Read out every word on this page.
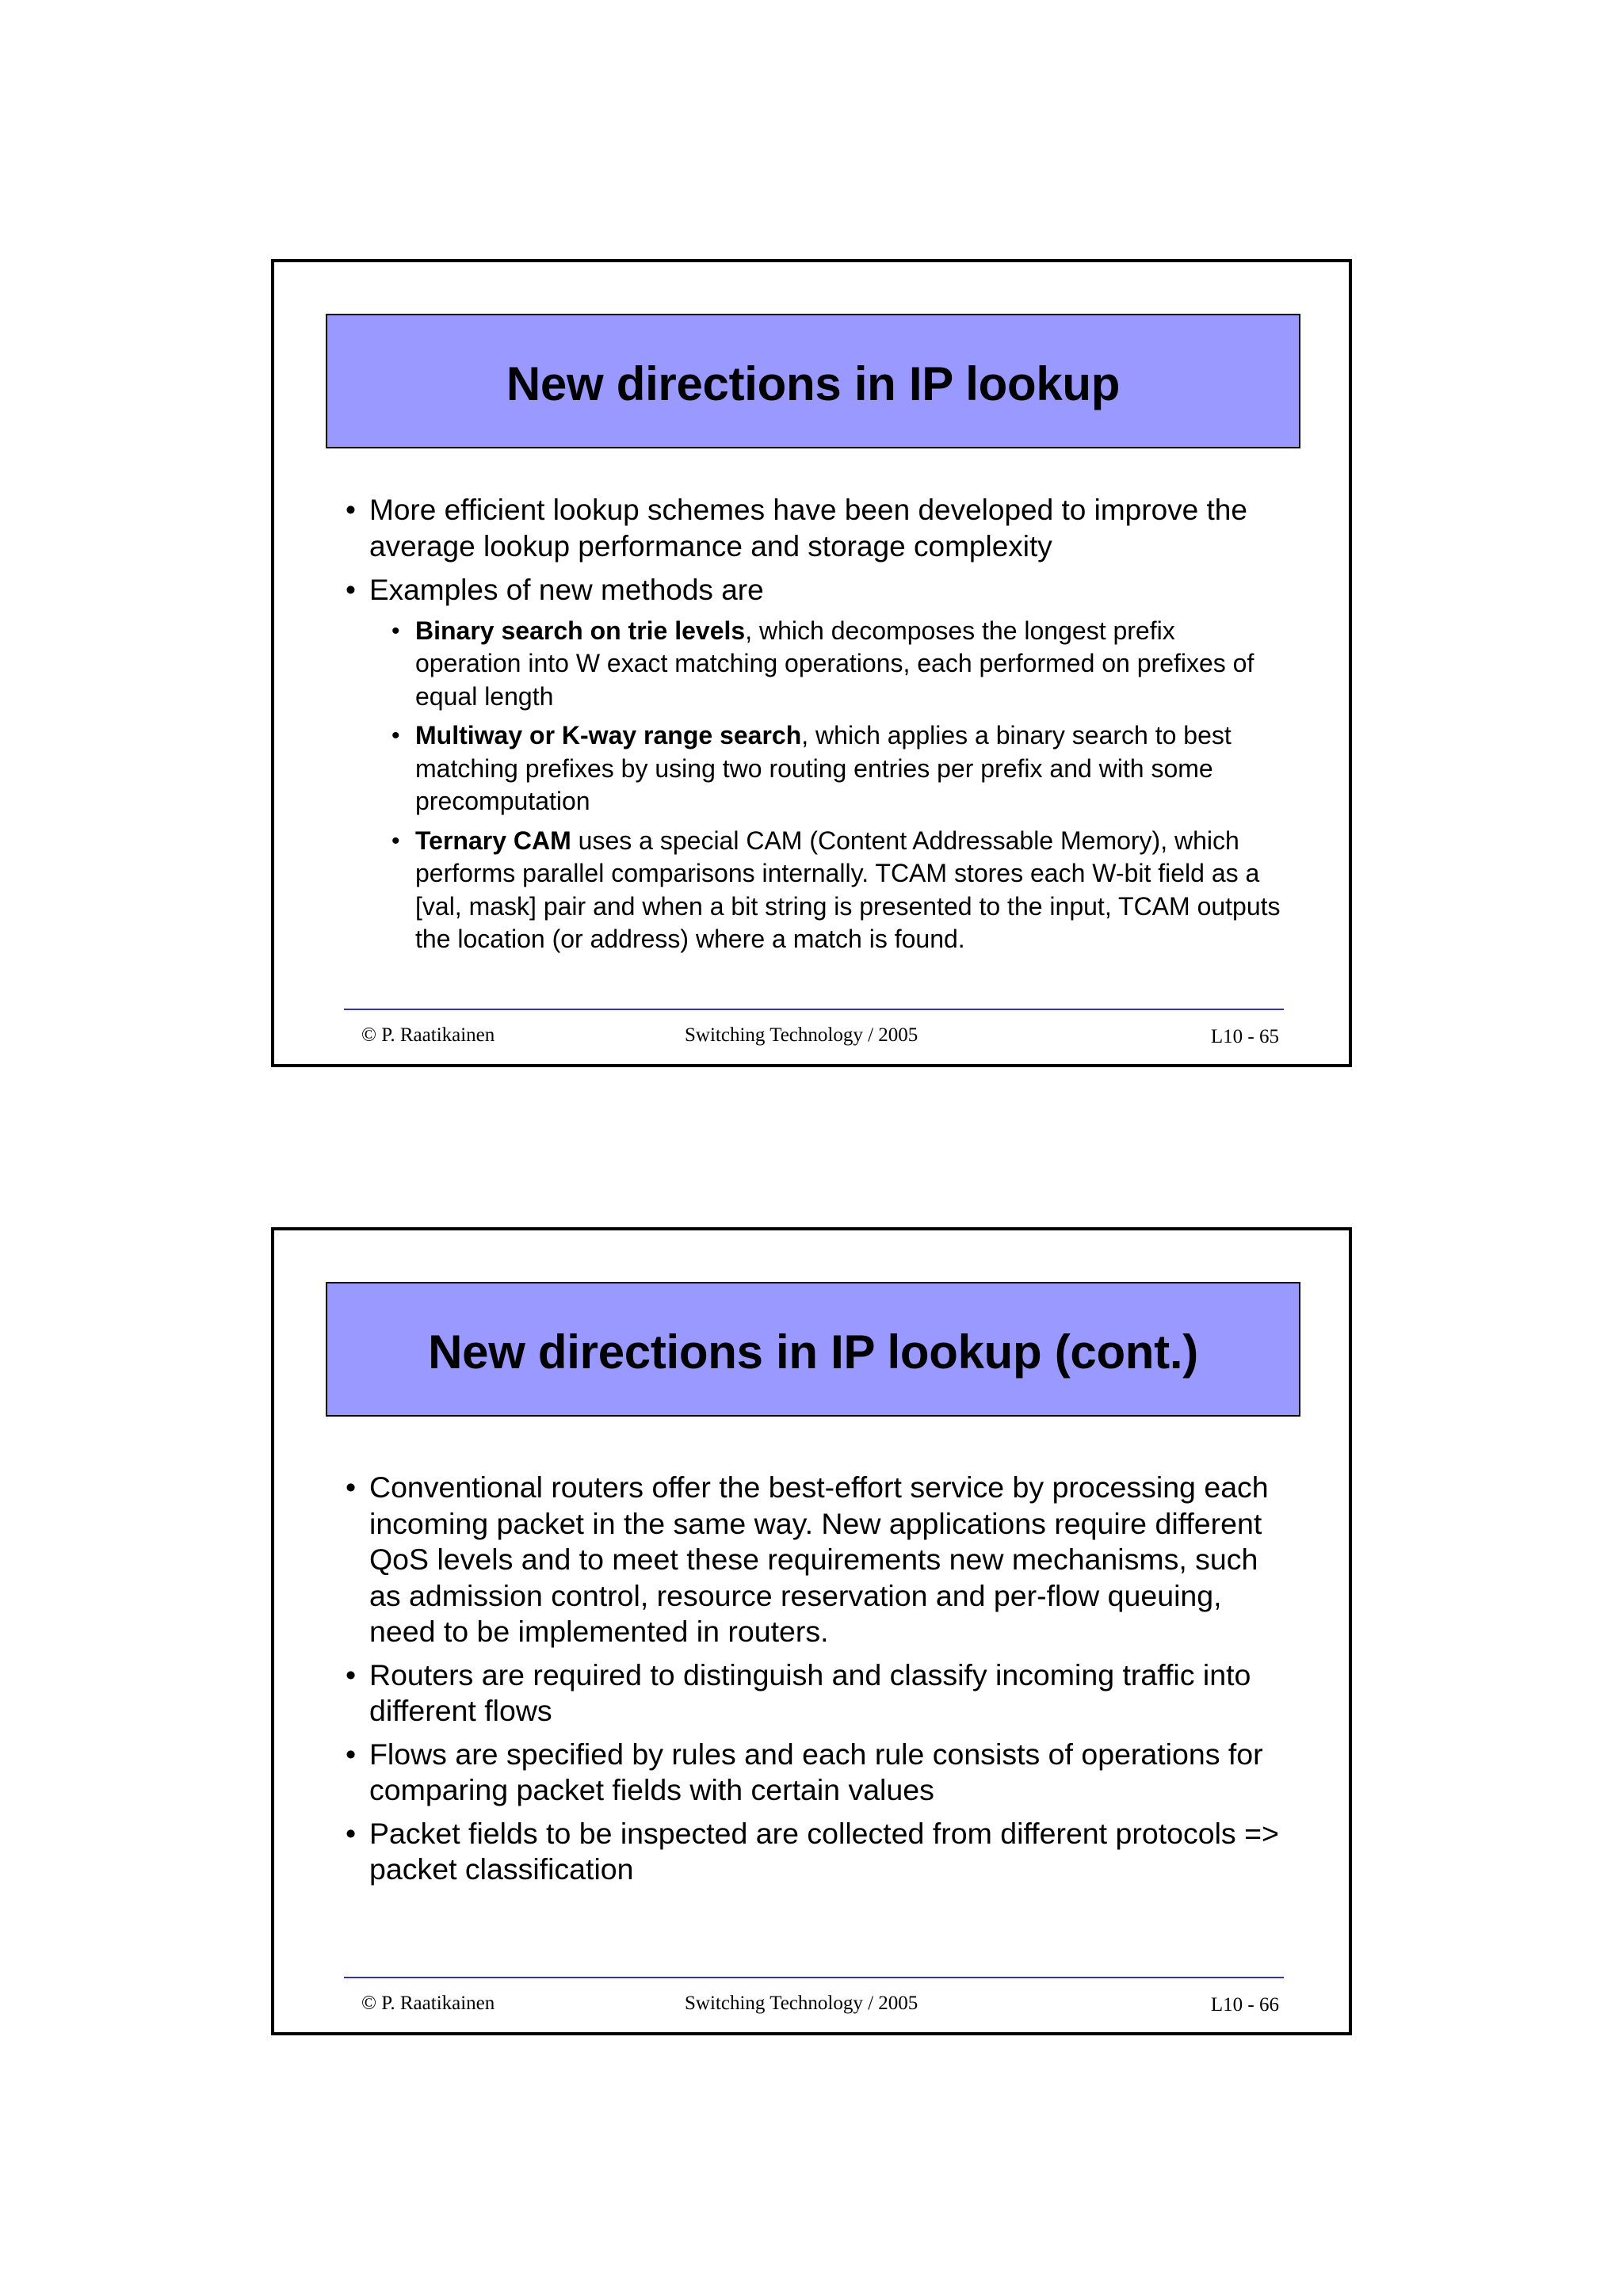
New directions in IP lookup
• More efficient lookup schemes have been developed to improve the average lookup performance and storage complexity
• Examples of new methods are
• Binary search on trie levels, which decomposes the longest prefix operation into W exact matching operations, each performed on prefixes of equal length
• Multiway or K-way range search, which applies a binary search to best matching prefixes by using two routing entries per prefix and with some precomputation
• Ternary CAM uses a special CAM (Content Addressable Memory), which performs parallel comparisons internally. TCAM stores each W-bit field as a [val, mask] pair and when a bit string is presented to the input, TCAM outputs the location (or address) where a match is found.
© P. Raatikainen	Switching Technology / 2005	L10 - 65
New directions in IP lookup (cont.)
• Conventional routers offer the best-effort service by processing each incoming packet in the same way. New applications require different QoS levels and to meet these requirements new mechanisms, such as admission control, resource reservation and per-flow queuing, need to be implemented in routers.
• Routers are required to distinguish and classify incoming traffic into different flows
• Flows are specified by rules and each rule consists of operations for comparing packet fields with certain values
• Packet fields to be inspected are collected from different protocols => packet classification
© P. Raatikainen	Switching Technology / 2005	L10 - 66
